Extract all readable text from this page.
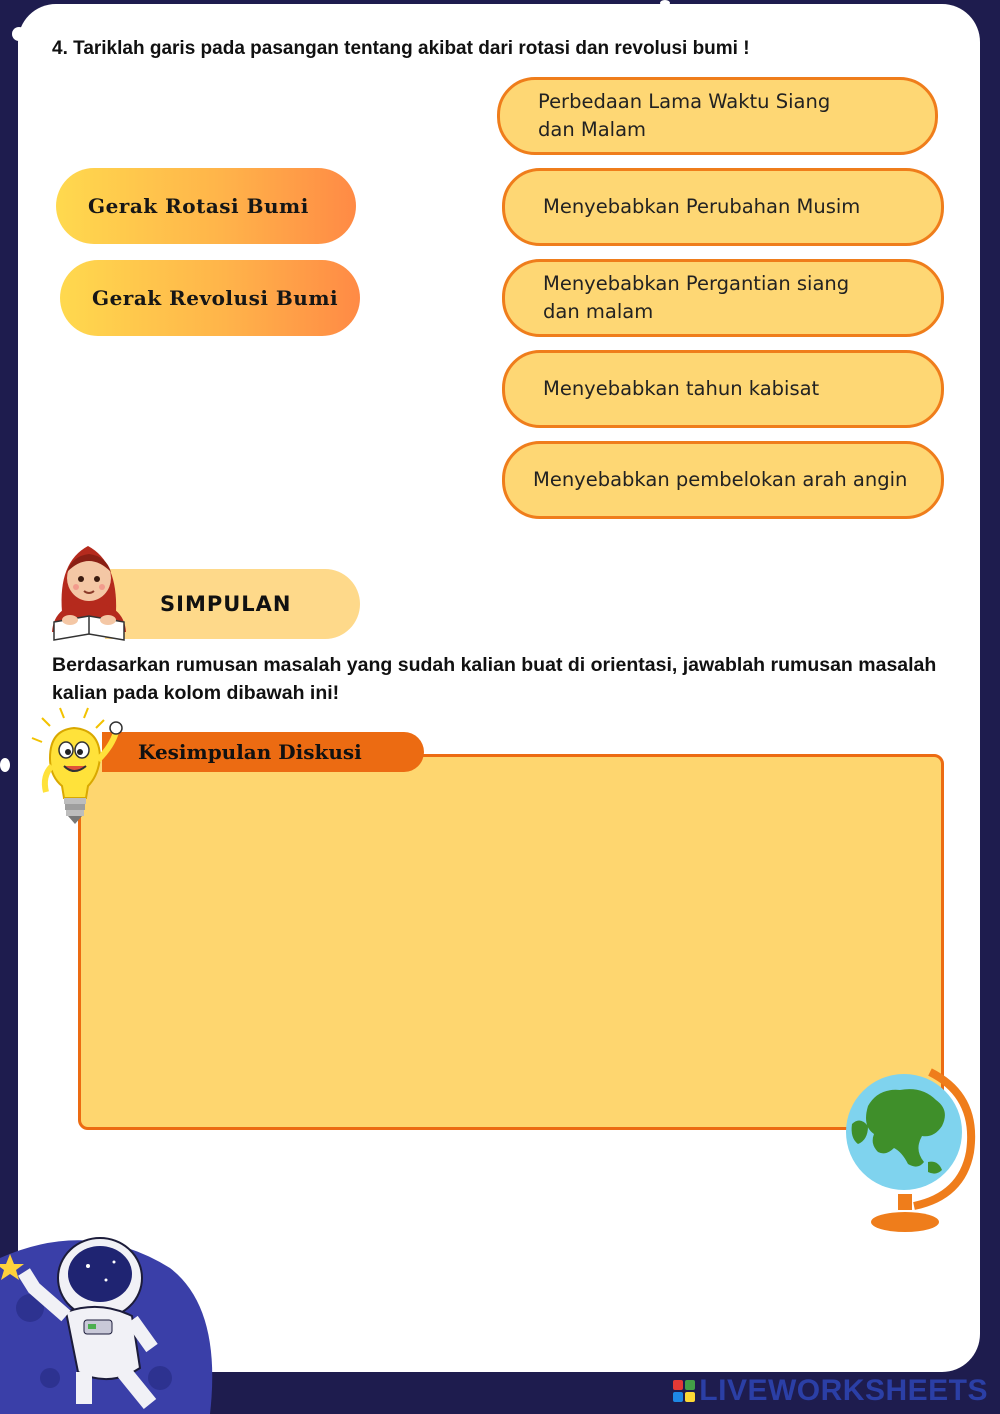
4. Tariklah garis pada pasangan tentang akibat dari rotasi dan revolusi bumi !
Gerak Rotasi Bumi
Gerak Revolusi Bumi
Perbedaan Lama Waktu Siang dan Malam
Menyebabkan Perubahan Musim
Menyebabkan Pergantian siang dan malam
Menyebabkan tahun kabisat
Menyebabkan pembelokan arah angin
SIMPULAN
Berdasarkan rumusan masalah yang sudah kalian buat di orientasi, jawablah rumusan masalah kalian pada kolom dibawah ini!
Kesimpulan Diskusi
LIVEWORKSHEETS
